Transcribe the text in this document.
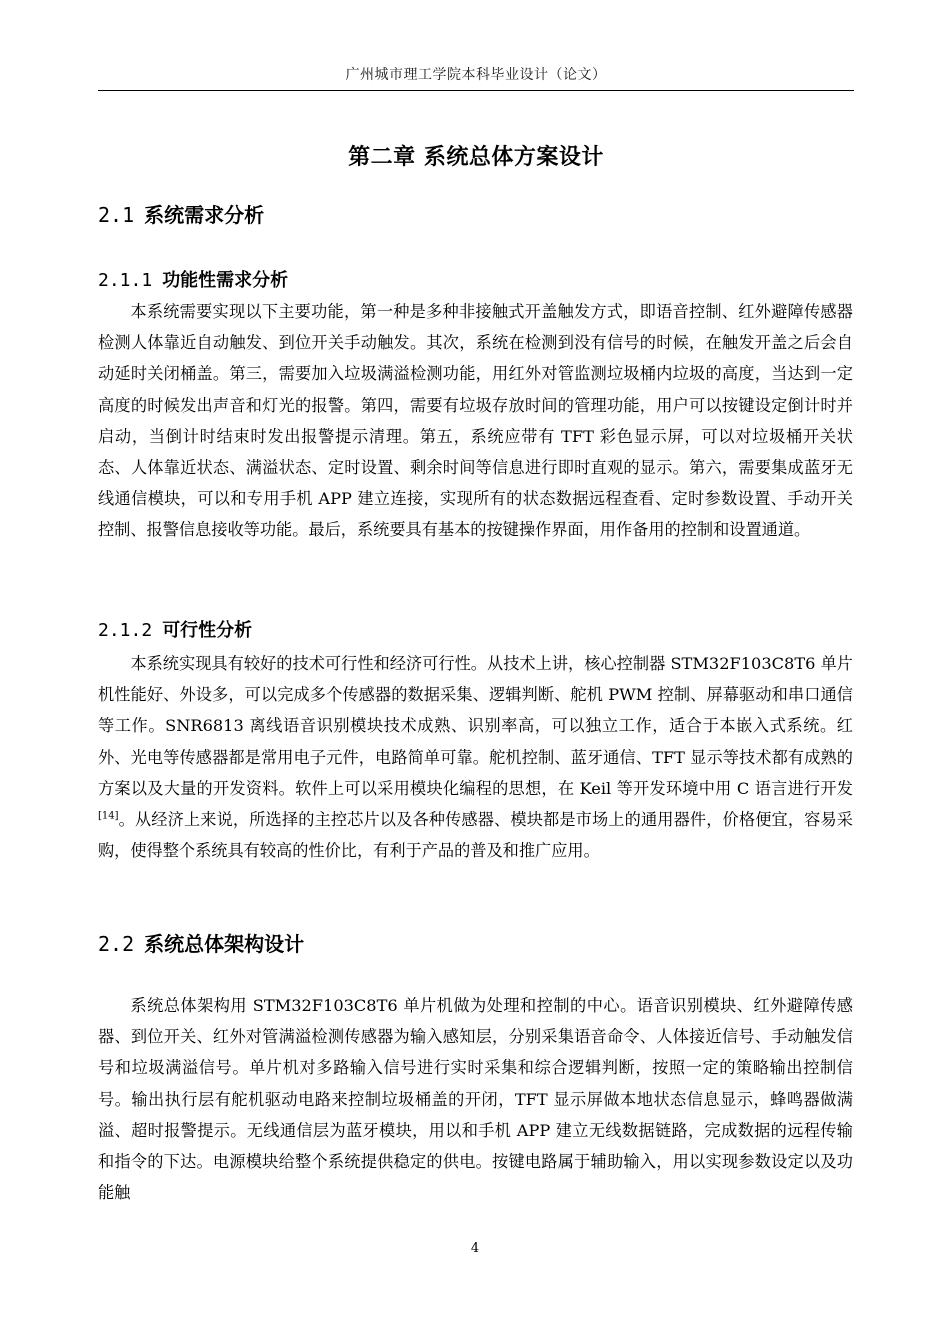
广州城市理工学院本科毕业设计（论文）
第二章 系统总体方案设计
2.1 系统需求分析
2.1.1 功能性需求分析

本系统需要实现以下主要功能，第一种是多种非接触式开盖触发方式，即语音控制、红外避障传感器检测人体靠近自动触发、到位开关手动触发。其次，系统在检测到没有信号的时候，在触发开盖之后会自动延时关闭桶盖。第三，需要加入垃圾满溢检测功能，用红外对管监测垃圾桶内垃圾的高度，当达到一定高度的时候发出声音和灯光的报警。第四，需要有垃圾存放时间的管理功能，用户可以按键设定倒计时并启动，当倒计时结束时发出报警提示清理。第五，系统应带有 TFT 彩色显示屏，可以对垃圾桶开关状态、人体靠近状态、满溢状态、定时设置、剩余时间等信息进行即时直观的显示。第六，需要集成蓝牙无线通信模块，可以和专用手机 APP 建立连接，实现所有的状态数据远程查看、定时参数设置、手动开关控制、报警信息接收等功能。最后，系统要具有基本的按键操作界面，用作备用的控制和设置通道。

2.1.2 可行性分析

本系统实现具有较好的技术可行性和经济可行性。从技术上讲，核心控制器 STM32F103C8T6 单片机性能好、外设多，可以完成多个传感器的数据采集、逻辑判断、舵机 PWM 控制、屏幕驱动和串口通信等工作。SNR6813 离线语音识别模块技术成熟、识别率高，可以独立工作，适合于本嵌入式系统。红外、光电等传感器都是常用电子元件，电路简单可靠。舵机控制、蓝牙通信、TFT 显示等技术都有成熟的方案以及大量的开发资料。软件上可以采用模块化编程的思想，在 Keil 等开发环境中用 C 语言进行开发[14]。从经济上来说，所选择的主控芯片以及各种传感器、模块都是市场上的通用器件，价格便宜，容易采购，使得整个系统具有较高的性价比，有利于产品的普及和推广应用。

2.2 系统总体架构设计

系统总体架构用 STM32F103C8T6 单片机做为处理和控制的中心。语音识别模块、红外避障传感器、到位开关、红外对管满溢检测传感器为输入感知层，分别采集语音命令、人体接近信号、手动触发信号和垃圾满溢信号。单片机对多路输入信号进行实时采集和综合逻辑判断，按照一定的策略输出控制信号。输出执行层有舵机驱动电路来控制垃圾桶盖的开闭，TFT 显示屏做本地状态信息显示，蜂鸣器做满溢、超时报警提示。无线通信层为蓝牙模块，用以和手机 APP 建立无线数据链路，完成数据的远程传输和指令的下达。电源模块给整个系统提供稳定的供电。按键电路属于辅助输入，用以实现参数设定以及功能触

4
